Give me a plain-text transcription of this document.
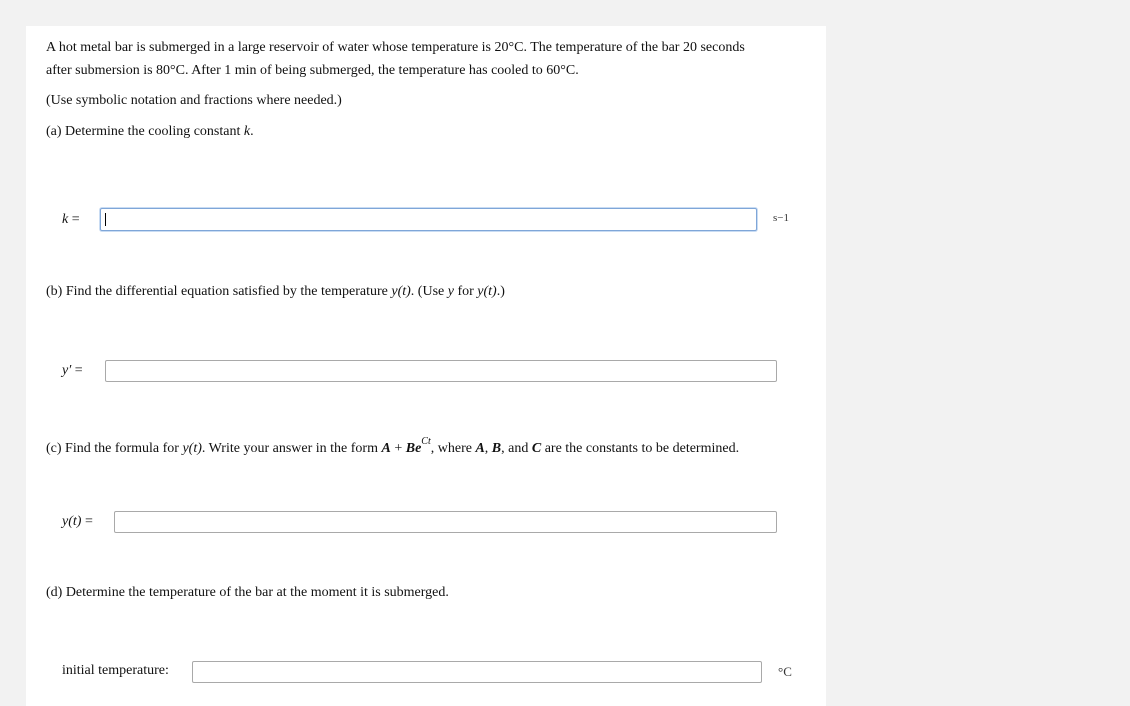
A hot metal bar is submerged in a large reservoir of water whose temperature is 20°C. The temperature of the bar 20 seconds
after submersion is 80°C. After 1 min of being submerged, the temperature has cooled to 60°C.

(Use symbolic notation and fractions where needed.)

(a) Determine the cooling constant k.

k =	s−1

(b) Find the differential equation satisfied by the temperature y(t). (Use y for y(t).)

y′ =

(c) Find the formula for y(t). Write your answer in the form $A + Be^{Ct}$, where A, B, and C are the constants to be determined.

y(t) =

(d) Determine the temperature of the bar at the moment it is submerged.

initial temperature:	°C
